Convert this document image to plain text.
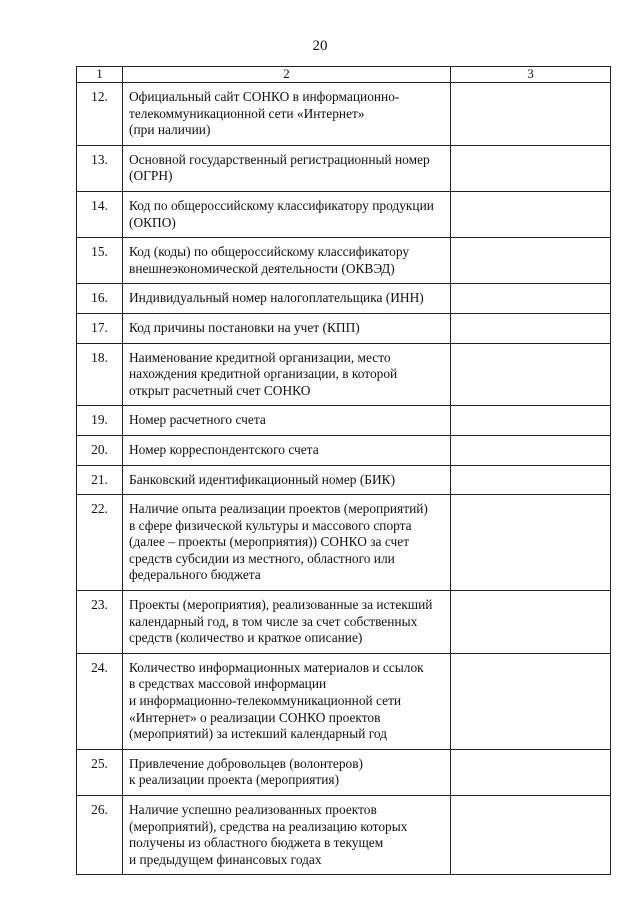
20
1	2	3
12.	Официальный сайт СОНКО в информационно-
телекоммуникационной сети «Интернет»
(при наличии)	

13.	Основной государственный регистрационный номер
(ОГРН)	

14.	Код по общероссийскому классификатору продукции
(ОКПО)	

15.	Код (коды) по общероссийскому классификатору
внешнеэкономической деятельности (ОКВЭД)	

16.	Индивидуальный номер налогоплательщика (ИНН)	

17.	Код причины постановки на учет (КПП)	

18.	Наименование кредитной организации, место
нахождения кредитной организации, в которой
открыт расчетный счет СОНКО	

19.	Номер расчетного счета	

20.	Номер корреспондентского счета	

21.	Банковский идентификационный номер (БИК)	

22.	Наличие опыта реализации проектов (мероприятий)
в сфере физической культуры и массового спорта
(далее – проекты (мероприятия)) СОНКО за счет
средств субсидии из местного, областного или
федерального бюджета	

23.	Проекты (мероприятия), реализованные за истекший
календарный год, в том числе за счет собственных
средств (количество и краткое описание)	

24.	Количество информационных материалов и ссылок
в средствах массовой информации
и информационно-телекоммуникационной сети
«Интернет» о реализации СОНКО проектов
(мероприятий) за истекший календарный год	

25.	Привлечение добровольцев (волонтеров)
к реализации проекта (мероприятия)	

26.	Наличие успешно реализованных проектов
(мероприятий), средства на реализацию которых
получены из областного бюджета в текущем
и предыдущем финансовых годах	
